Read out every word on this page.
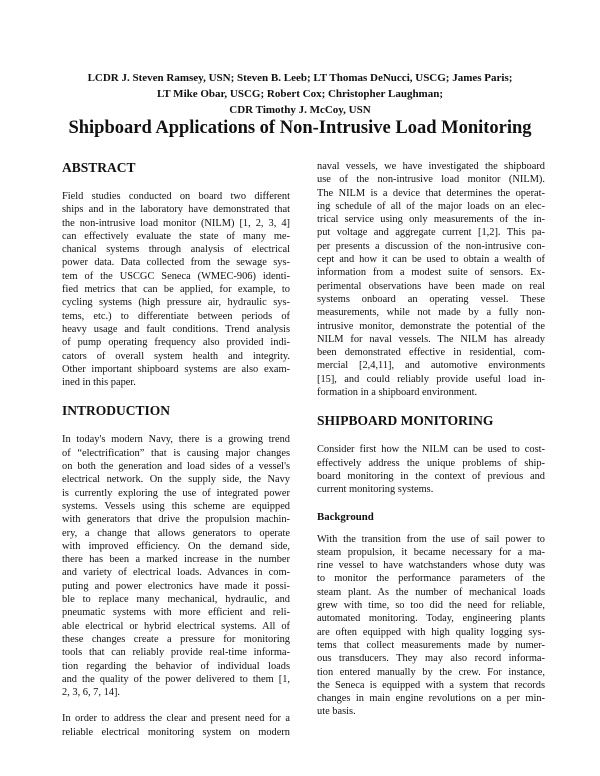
LCDR J. Steven Ramsey, USN; Steven B. Leeb; LT Thomas DeNucci, USCG; James Paris;
LT Mike Obar, USCG; Robert Cox; Christopher Laughman;
CDR Timothy J. McCoy, USN
Shipboard Applications of Non-Intrusive Load Monitoring
ABSTRACT
Field studies conducted on board two different
ships and in the laboratory have demonstrated that
the non-intrusive load monitor (NILM) [1, 2, 3, 4]
can effectively evaluate the state of many me-
chanical systems through analysis of electrical
power data. Data collected from the sewage sys-
tem of the USCGC Seneca (WMEC-906) identi-
fied metrics that can be applied, for example, to
cycling systems (high pressure air, hydraulic sys-
tems, etc.) to differentiate between periods of
heavy usage and fault conditions. Trend analysis
of pump operating frequency also provided indi-
cators of overall system health and integrity.
Other important shipboard systems are also exam-
ined in this paper.
INTRODUCTION
In today's modern Navy, there is a growing trend
of “electrification” that is causing major changes
on both the generation and load sides of a vessel's
electrical network. On the supply side, the Navy
is currently exploring the use of integrated power
systems. Vessels using this scheme are equipped
with generators that drive the propulsion machin-
ery, a change that allows generators to operate
with improved efficiency. On the demand side,
there has been a marked increase in the number
and variety of electrical loads. Advances in com-
puting and power electronics have made it possi-
ble to replace many mechanical, hydraulic, and
pneumatic systems with more efficient and reli-
able electrical or hybrid electrical systems. All of
these changes create a pressure for monitoring
tools that can reliably provide real-time informa-
tion regarding the behavior of individual loads
and the quality of the power delivered to them [1,
2, 3, 6, 7, 14].
In order to address the clear and present need for a
reliable electrical monitoring system on modern
naval vessels, we have investigated the shipboard
use of the non-intrusive load monitor (NILM).
The NILM is a device that determines the operat-
ing schedule of all of the major loads on an elec-
trical service using only measurements of the in-
put voltage and aggregate current [1,2]. This pa-
per presents a discussion of the non-intrusive con-
cept and how it can be used to obtain a wealth of
information from a modest suite of sensors. Ex-
perimental observations have been made on real
systems onboard an operating vessel. These
measurements, while not made by a fully non-
intrusive monitor, demonstrate the potential of the
NILM for naval vessels. The NILM has already
been demonstrated effective in residential, com-
mercial [2,4,11], and automotive environments
[15], and could reliably provide useful load in-
formation in a shipboard environment.
SHIPBOARD MONITORING
Consider first how the NILM can be used to cost-
effectively address the unique problems of ship-
board monitoring in the context of previous and
current monitoring systems.
Background
With the transition from the use of sail power to
steam propulsion, it became necessary for a ma-
rine vessel to have watchstanders whose duty was
to monitor the performance parameters of the
steam plant. As the number of mechanical loads
grew with time, so too did the need for reliable,
automated monitoring. Today, engineering plants
are often equipped with high quality logging sys-
tems that collect measurements made by numer-
ous transducers. They may also record informa-
tion entered manually by the crew. For instance,
the Seneca is equipped with a system that records
changes in main engine revolutions on a per min-
ute basis.
